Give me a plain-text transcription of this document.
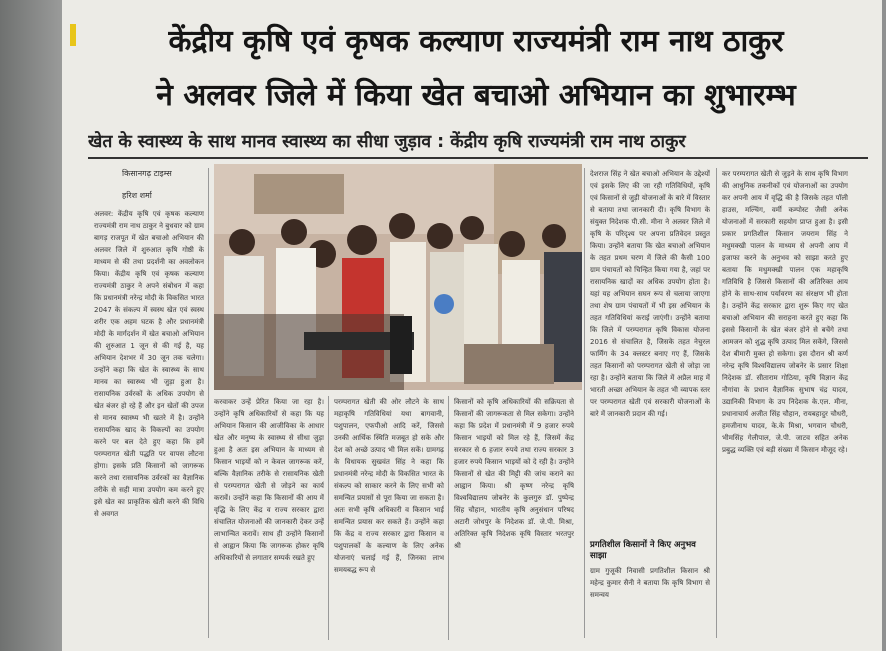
केंद्रीय कृषि एवं कृषक कल्याण राज्यमंत्री राम नाथ ठाकुर
ने अलवर जिले में किया खेत बचाओ अभियान का शुभारम्भ
खेत के स्वास्थ्य के साथ मानव स्वास्थ्य का सीधा जुड़ाव : केंद्रीय कृषि राज्यमंत्री राम नाथ ठाकुर
किसानगढ़ टाइम्स
हरिश शर्मा
अलवर: केंद्रीय कृषि एवं कृषक कल्याण राज्यमंत्री राम नाथ ठाकुर ने बुधवार को ग्राम बागड़ राजपूत में खेत बचाओ अभियान की अलवर जिले में शुरुआत कृषि गोष्ठी के माध्यम से की तथा प्रदर्शनी का अवलोकन किया। केंद्रीय कृषि एवं कृषक कल्याण राज्यमंत्री ठाकुर ने अपने संबोधन में कहा कि प्रधानमंत्री नरेन्द्र मोदी के विकसित भारत 2047 के संकल्प में स्वस्थ खेत एवं स्वस्थ शरीर एक अहम घटक है और प्रधानमंत्री मोदी के मार्गदर्शन में खेत बचाओ अभियान की शुरुआत 1 जून से की गई है, यह अभियान देशभर में 30 जून तक चलेगा। उन्होंने कहा कि खेत के स्वास्थ्य के साथ मानव का स्वास्थ्य भी जुड़ा हुआ है। रासायनिक उर्वरकों के अधिक उपयोग से खेत बंजर हो रहे हैं और इन खेतों की उपज से मानव स्वास्थ्य भी खतरे में है। उन्होंने रासायनिक खाद के विकल्पों का उपयोग करने पर बल देते हुए कहा कि हमें परम्परागत खेती पद्धति पर वापस लौटना होगा। इसके प्रति किसानों को जागरूक करने तथा रासायनिक उर्वरकों का वैज्ञानिक तरीके से सही मात्रा उपयोग कम करने हुए इसे खेत का प्राकृतिक खेती करने की विधि से अवगत
करवाकर उन्हें प्रेरित किया जा रहा है। उन्होंने कृषि अधिकारियों से कहा कि यह अभियान किसान की आजीविका के आधार खेत और मनुष्य के स्वास्थ्य से सीधा जुड़ा हुआ है अतः इस अभियान के माध्यम से किसान भाइयों को न केवल जागरूक करें, बल्कि वैज्ञानिक तरीके से रासायनिक खेती से परम्परागत खेती से जोड़ने का कार्य करावें। उन्होंने कहा कि किसानों की आय में वृद्धि के लिए केंद्र व राज्य सरकार द्वारा संचालित योजनाओं की जानकारी देकर उन्हें लाभान्वित करावें। साथ ही उन्होंने किसानों से आह्वान किया कि जागरूक होकर कृषि अधिकारियों से लगातार सम्पर्क रखते हुए
परम्परागत खेती की ओर लौटने के साथ महाकृषि गतिविधियां यथा बागवानी, पशुपालन, एफपीओ आदि करें, जिससे उनकी आर्थिक स्थिति मजबूत हो सके और देश को अच्छे उत्पाद भी मिल सकें। ग्रामगढ़ के विधायक सुखवंत सिंह ने कहा कि प्रधानमंत्री नरेन्द्र मोदी के विकसित भारत के संकल्प को साकार करने के लिए सभी को समन्वित प्रयासों से पूरा किया जा सकता है। अतः सभी कृषि अधिकारी व किसान भाई समन्वित प्रयास कर सकते हैं। उन्होंने कहा कि केंद्र व राज्य सरकार द्वारा किसान व पशुपालकों के कल्याण के लिए अनेक योजनाएं चलाई गई हैं, जिनका लाभ समयबद्ध रूप से
किसानों को कृषि अधिकारियों की सक्रियता से किसानों की जागरूकता से मिल सकेगा। उन्होंने कहा कि प्रदेश में प्रधानमंत्री में 9 हजार रुपये किसान भाइयों को मिल रहे हैं, जिसमें केंद्र सरकार से 6 हजार रुपये तथा राज्य सरकार 3 हजार रुपये किसान भाइयों को दे रही है। उन्होंने किसानों से खेत की मिट्टी की जांच कराने का आह्वान किया। श्री कृष्ण नरेन्द्र कृषि विश्वविद्यालय जोबनेर के कुलगुरु डॉ. पुष्पेन्द्र सिंह चौहान, भारतीय कृषि अनुसंधान परिषद अटारी जोधपुर के निदेशक डॉ. जे.पी. मिश्रा, अतिरिक्त कृषि निदेशक कृषि विस्तार भरतपुर श्री
देशराज सिंह ने खेत बचाओ अभियान के उद्देश्यों एवं इसके लिए की जा रही गतिविधियों, कृषि एवं किसानों से जुड़ी योजनाओं के बारे में विस्तार से बताया तथा जानकारी दी। कृषि विभाग के संयुक्त निदेशक पी.सी. मीना ने अलवर जिले में कृषि के परिदृश्य पर अपना प्रतिवेदन प्रस्तुत किया। उन्होंने बताया कि खेत बचाओ अभियान के तहत प्रथम चरण में जिले की कैसी 100 ग्राम पंचायतों को चिन्हित किया गया है, जहां पर रासायनिक खादों का अधिक उपयोग होता है। यहां यह अभियान सघन रूप से चलाया जाएगा तथा शेष ग्राम पंचायतों में भी इस अभियान के तहत गतिविधियां कराई जाएंगी। उन्होंने बताया कि जिले में परम्परागत कृषि विकास योजना 2016 से संचालित है, जिसके तहत नेचुरल फार्मिंग के 34 क्लस्टर बनाए गए हैं, जिसके तहत किसानों को परम्परागत खेती से जोड़ा जा रहा है। उन्होंने बताया कि जिले में अप्रैल माह में भारती अच्छा अभियान के तहत भी व्यापक स्तर पर परम्परागत खेती एवं सरकारी योजनाओं के बारे में जानकारी प्रदान की गई।
प्रगतिशील किसानों ने किए अनुभव साझा
ग्राम गुजूकी निवासी प्रगतिशील किसान श्री महेन्द्र कुमार सैनी ने बताया कि कृषि विभाग से समन्वय
कर परम्परागत खेती से जुड़ने के साथ कृषि विभाग की आधुनिक तकनीकों एवं योजनाओं का उपयोग कर अपनी आय में वृद्धि की है जिसके तहत पॉली हाउस, मल्चिंग, वर्मी कम्पोस्ट जैसी अनेक योजनाओं में सरकारी सहयोग प्राप्त हुआ है। इसी प्रकार प्रगतिशील किसान जयराम सिंह ने मधुमक्खी पालन के माध्यम से अपनी आय में इजाफा करने के अनुभव को साझा करते हुए बताया कि मधुमक्खी पालन एक महाकृषि गतिविधि है जिससे किसानों की अतिरिक्त आय होने के साथ-साथ पर्यावरण का संरक्षण भी होता है। उन्होंने केंद्र सरकार द्वारा शुरू किए गए खेत बचाओ अभियान की सराहना करते हुए कहा कि इससे किसानों के खेत बंजर होने से बचेंगे तथा आमजन को शुद्ध कृषि उत्पाद मिल सकेंगे, जिससे देश बीमारी मुक्त हो सकेगा। इस दौरान श्री कर्ण नरेन्द्र कृषि विश्वविद्यालय जोबनेर के प्रसार शिक्षा निदेशक डॉ. सीताराम गोठिया, कृषि विज्ञान केंद्र नौगांवा के प्रधान वैज्ञानिक सुभाष चंद्र यादव, उद्यानिकी विभाग के उप निदेशक के.एल. मीना, प्रधानाचार्य अजीत सिंह चौहान, रायबहादुर चौधरी, हमजीनाथ यादव, के.के मिश्रा, भगवान चौधरी, भीमसिंह गेलीपाल, जे.पी. जाटव सहित अनेक प्रबुद्ध व्यक्ति एवं बड़ी संख्या में किसान मौजूद रहे।
